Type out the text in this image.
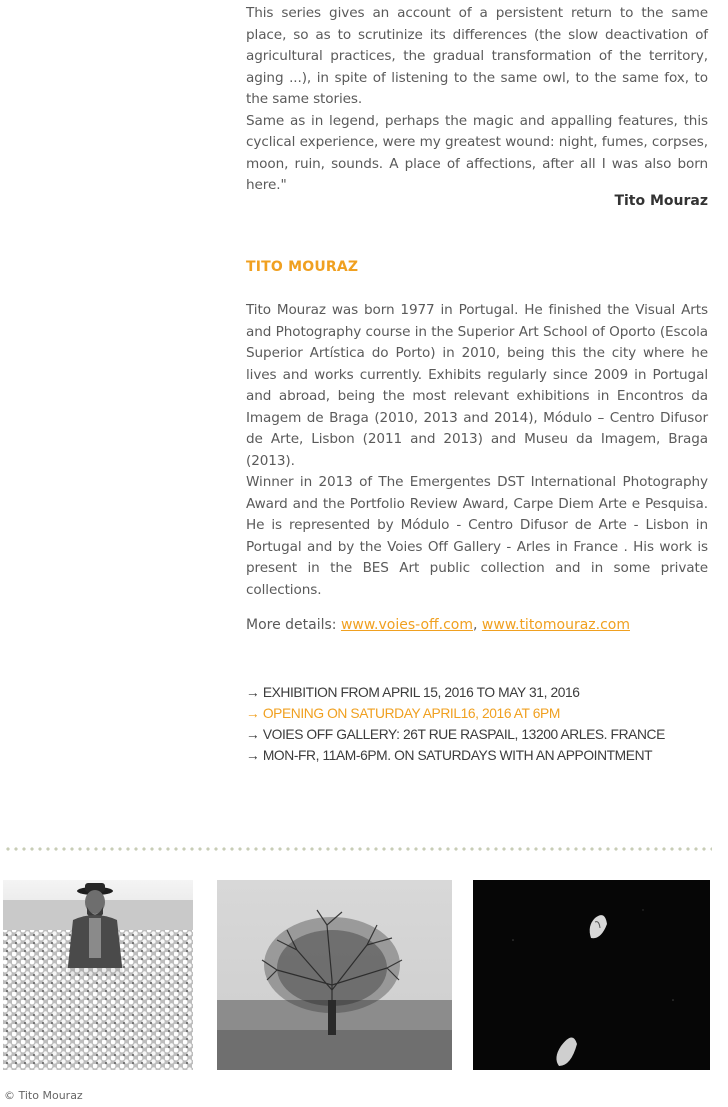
This series gives an account of a persistent return to the same place, so as to scrutinize its differences (the slow deactivation of agricultural practices, the gradual transformation of the territory, aging ...), in spite of listening to the same owl, to the same fox, to the same stories.
Same as in legend, perhaps the magic and appalling features, this cyclical experience, were my greatest wound: night, fumes, corpses, moon, ruin, sounds. A place of affections, after all I was also born here."

Tito Mouraz

TITO MOURAZ

Tito Mouraz was born 1977 in Portugal. He finished the Visual Arts and Photography course in the Superior Art School of Oporto (Escola Superior Artística do Porto) in 2010, being this the city where he lives and works currently. Exhibits regularly since 2009 in Portugal and abroad, being the most relevant exhibitions in Encontros da Imagem de Braga (2010, 2013 and 2014), Módulo – Centro Difusor de Arte, Lisbon (2011 and 2013) and Museu da Imagem, Braga (2013).
Winner in 2013 of The Emergentes DST International Photography Award and the Portfolio Review Award, Carpe Diem Arte e Pesquisa. He is represented by Módulo - Centro Difusor de Arte - Lisbon in Portugal and by the Voies Off Gallery - Arles in France . His work is present in the BES Art public collection and in some private collections.

More details: www.voies-off.com, www.titomouraz.com

→ EXHIBITION FROM APRIL 15, 2016 TO MAY 31, 2016
→ OPENING ON SATURDAY APRIL16, 2016 AT 6PM
→ VOIES OFF GALLERY: 26T RUE RASPAIL, 13200 ARLES. FRANCE
→ MON-FR, 11AM-6PM. ON SATURDAYS WITH AN APPOINTMENT

© Tito Mouraz
